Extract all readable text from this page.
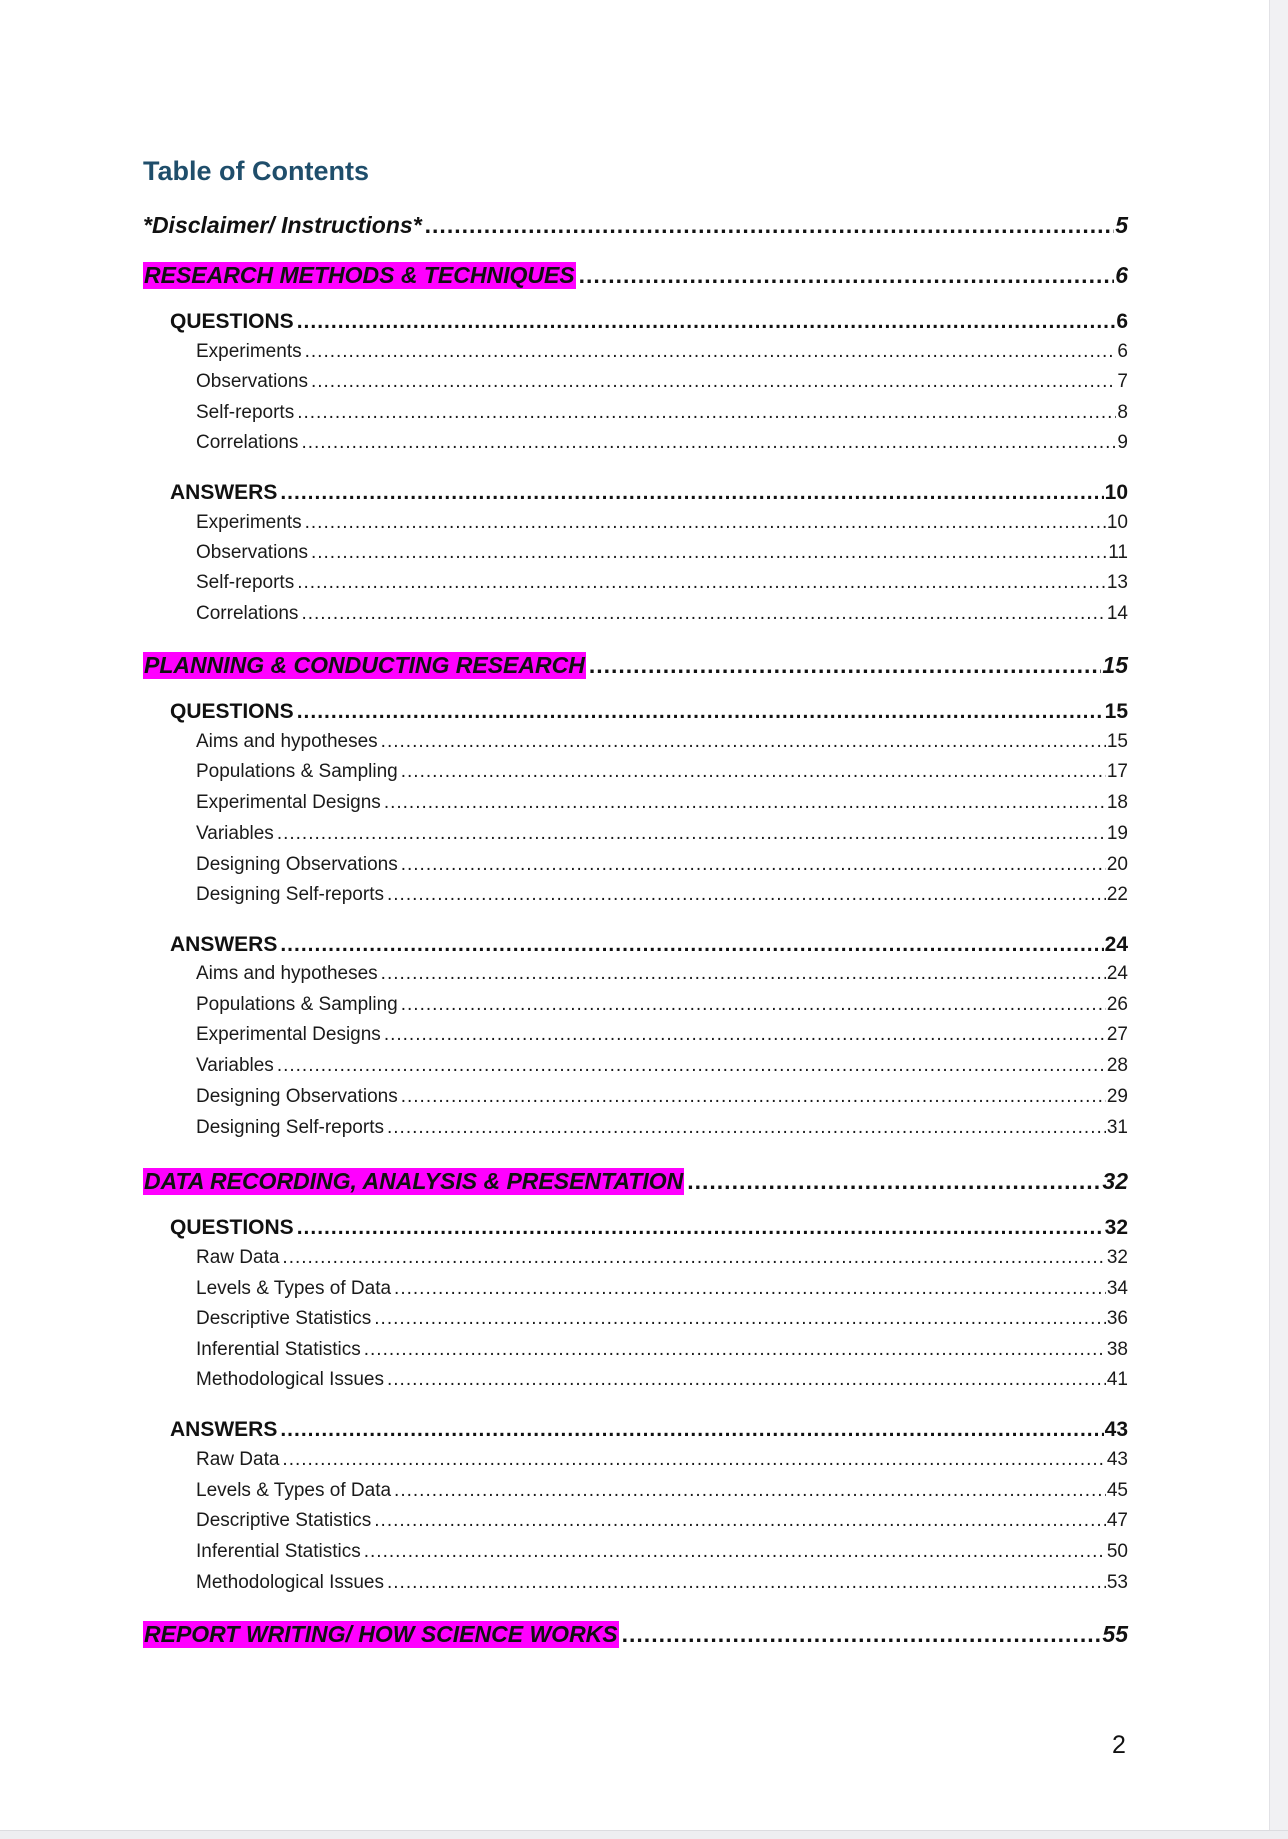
Table of Contents
*Disclaimer/ Instructions* .....	5
RESEARCH METHODS & TECHNIQUES .....	6
QUESTIONS .....	6
Experiments .....	6
Observations .....	7
Self-reports .....	8
Correlations .....	9
ANSWERS .....	10
Experiments .....	10
Observations .....	11
Self-reports .....	13
Correlations .....	14
PLANNING & CONDUCTING RESEARCH .....	15
QUESTIONS .....	15
Aims and hypotheses .....	15
Populations & Sampling .....	17
Experimental Designs .....	18
Variables .....	19
Designing Observations .....	20
Designing Self-reports .....	22
ANSWERS .....	24
Aims and hypotheses .....	24
Populations & Sampling .....	26
Experimental Designs .....	27
Variables .....	28
Designing Observations .....	29
Designing Self-reports .....	31
DATA RECORDING, ANALYSIS & PRESENTATION .....	32
QUESTIONS .....	32
Raw Data .....	32
Levels & Types of Data .....	34
Descriptive Statistics .....	36
Inferential Statistics .....	38
Methodological Issues .....	41
ANSWERS .....	43
Raw Data .....	43
Levels & Types of Data .....	45
Descriptive Statistics .....	47
Inferential Statistics .....	50
Methodological Issues .....	53
REPORT WRITING/ HOW SCIENCE WORKS .....	55
2
